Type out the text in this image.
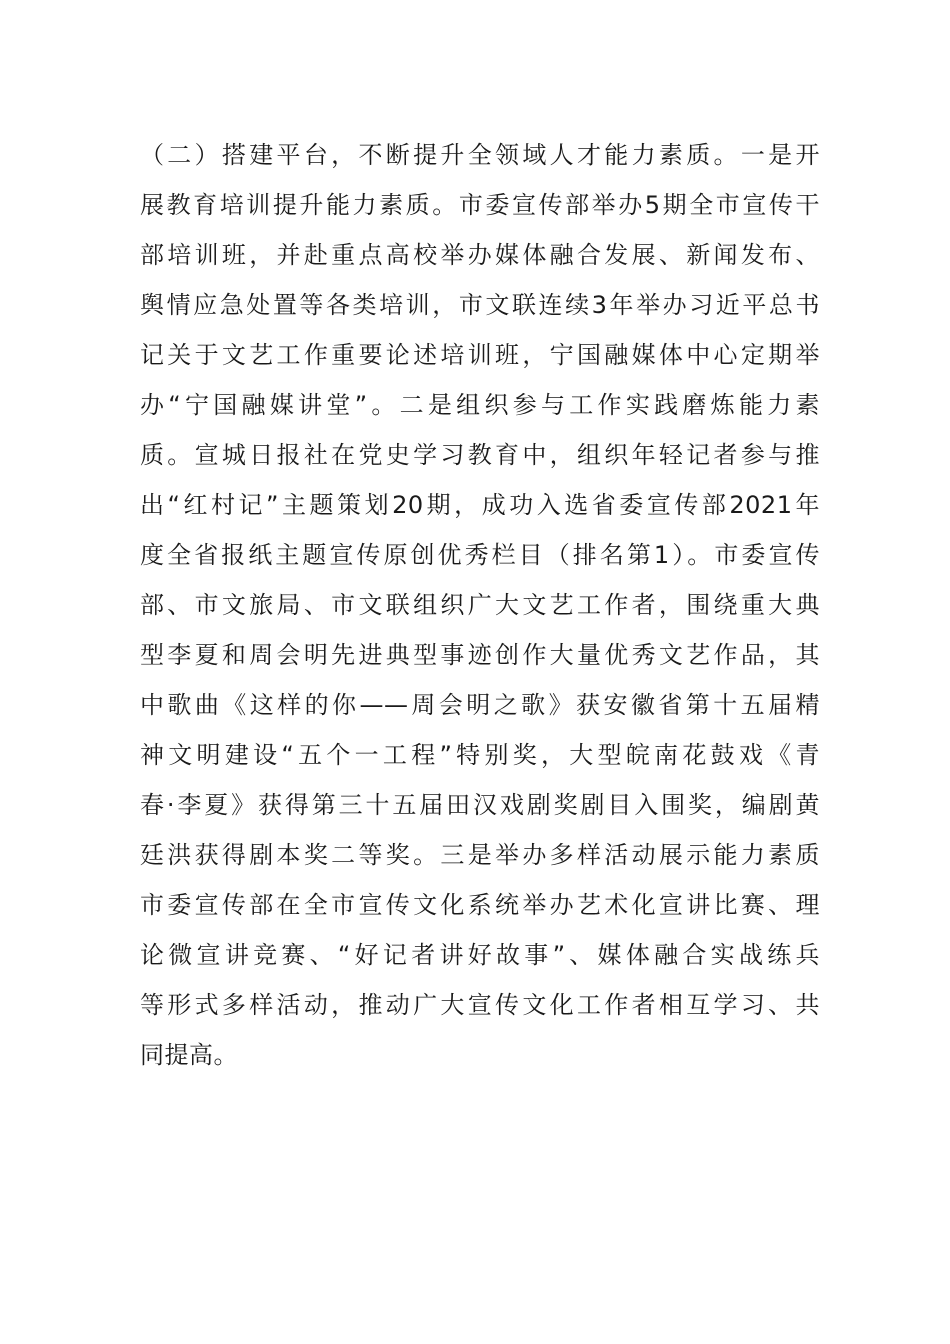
（二）搭建平台，不断提升全领域人才能力素质。一是开
展教育培训提升能力素质。市委宣传部举办5期全市宣传干
部培训班，并赴重点高校举办媒体融合发展、新闻发布、
舆情应急处置等各类培训，市文联连续3年举办习近平总书
记关于文艺工作重要论述培训班，宁国融媒体中心定期举
办“宁国融媒讲堂”。二是组织参与工作实践磨炼能力素
质。宣城日报社在党史学习教育中，组织年轻记者参与推
出“红村记”主题策划20期，成功入选省委宣传部2021年
度全省报纸主题宣传原创优秀栏目（排名第1）。市委宣传
部、市文旅局、市文联组织广大文艺工作者，围绕重大典
型李夏和周会明先进典型事迹创作大量优秀文艺作品，其
中歌曲《这样的你——周会明之歌》获安徽省第十五届精
神文明建设“五个一工程”特别奖，大型皖南花鼓戏《青
春·李夏》获得第三十五届田汉戏剧奖剧目入围奖，编剧黄
廷洪获得剧本奖二等奖。三是举办多样活动展示能力素质
市委宣传部在全市宣传文化系统举办艺术化宣讲比赛、理
论微宣讲竞赛、“好记者讲好故事”、媒体融合实战练兵
等形式多样活动，推动广大宣传文化工作者相互学习、共
同提高。
